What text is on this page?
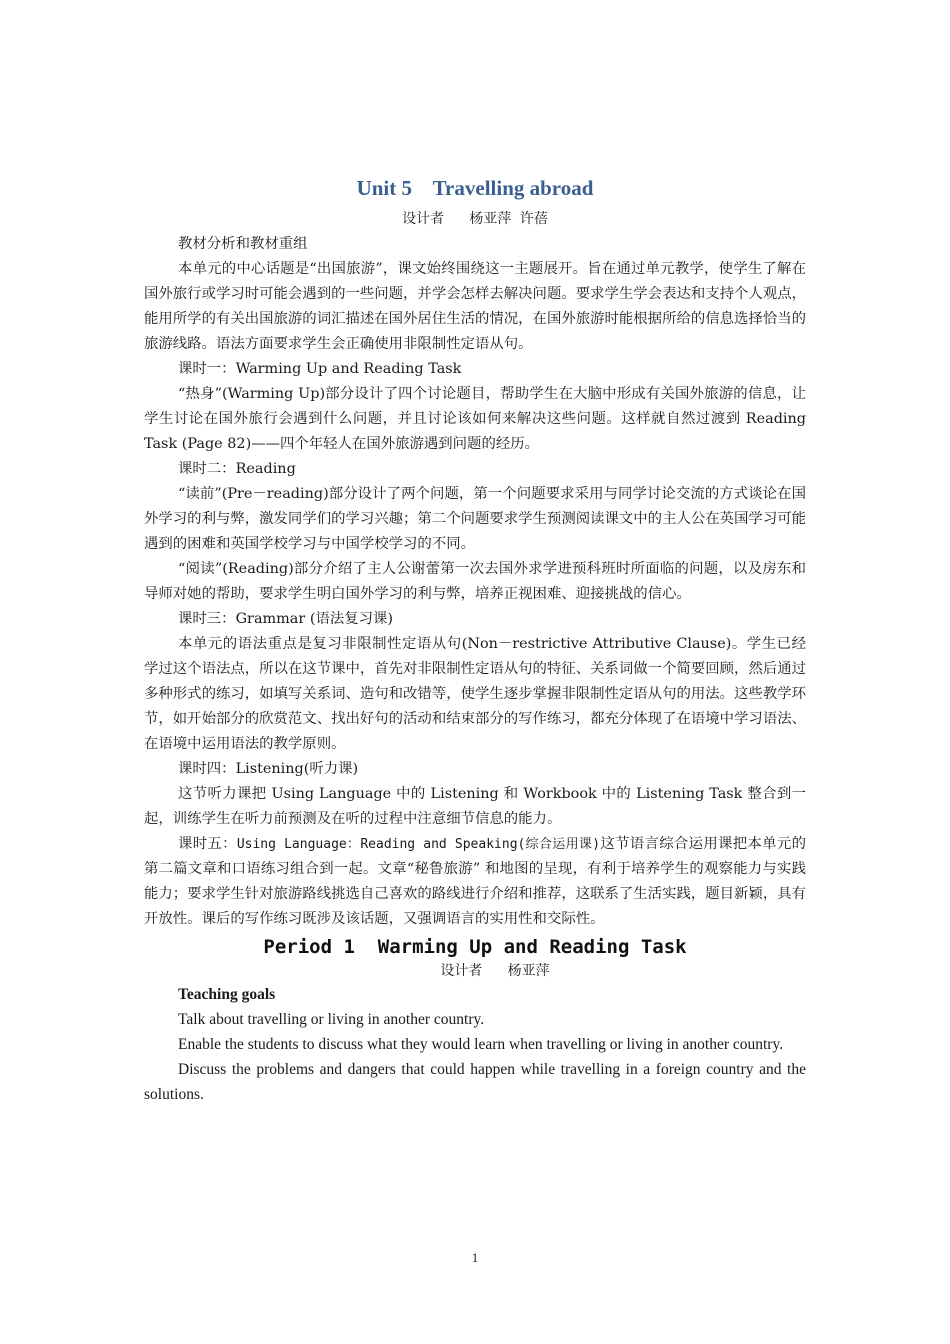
Unit 5    Travelling abroad
设计者   杨亚萍 许蓓

教材分析和教材重组

本单元的中心话题是“出国旅游”，课文始终围绕这一主题展开。旨在通过单元教学，使学生了解在国外旅行或学习时可能会遇到的一些问题，并学会怎样去解决问题。要求学生学会表达和支持个人观点，能用所学的有关出国旅游的词汇描述在国外居住生活的情况，在国外旅游时能根据所给的信息选择恰当的旅游线路。语法方面要求学生会正确使用非限制性定语从句。

课时一：Warming Up and Reading Task

“热身”(Warming Up)部分设计了四个讨论题目，帮助学生在大脑中形成有关国外旅游的信息，让学生讨论在国外旅行会遇到什么问题，并且讨论该如何来解决这些问题。这样就自然过渡到 Reading Task (Page 82)——四个年轻人在国外旅游遇到问题的经历。

课时二：Reading

“读前”(Pre－reading)部分设计了两个问题，第一个问题要求采用与同学讨论交流的方式谈论在国外学习的利与弊，激发同学们的学习兴趣；第二个问题要求学生预测阅读课文中的主人公在英国学习可能遇到的困难和英国学校学习与中国学校学习的不同。

“阅读”(Reading)部分介绍了主人公谢蕾第一次去国外求学进预科班时所面临的问题，以及房东和导师对她的帮助，要求学生明白国外学习的利与弊，培养正视困难、迎接挑战的信心。

课时三：Grammar (语法复习课)

本单元的语法重点是复习非限制性定语从句(Non－restrictive Attributive Clause)。学生已经学过这个语法点，所以在这节课中，首先对非限制性定语从句的特征、关系词做一个简要回顾，然后通过多种形式的练习，如填写关系词、造句和改错等，使学生逐步掌握非限制性定语从句的用法。这些教学环节，如开始部分的欣赏范文、找出好句的活动和结束部分的写作练习，都充分体现了在语境中学习语法、在语境中运用语法的教学原则。

课时四：Listening(听力课)

这节听力课把 Using Language 中的 Listening 和 Workbook 中的 Listening Task 整合到一起，训练学生在听力前预测及在听的过程中注意细节信息的能力。

课时五：Using Language：Reading and Speaking(综合运用课)这节语言综合运用课把本单元的第二篇文章和口语练习组合到一起。文章“秘鲁旅游” 和地图的呈现，有利于培养学生的观察能力与实践能力；要求学生针对旅游路线挑选自己喜欢的路线进行介绍和推荐，这联系了生活实践，题目新颖，具有开放性。课后的写作练习既涉及该话题，又强调语言的实用性和交际性。

Period 1  Warming Up and Reading Task
设计者   杨亚萍

Teaching goals

Talk about travelling or living in another country.

Enable the students to discuss what they would learn when travelling or living in another country.

Discuss the problems and dangers that could happen while travelling in a foreign country and the solutions.

1
